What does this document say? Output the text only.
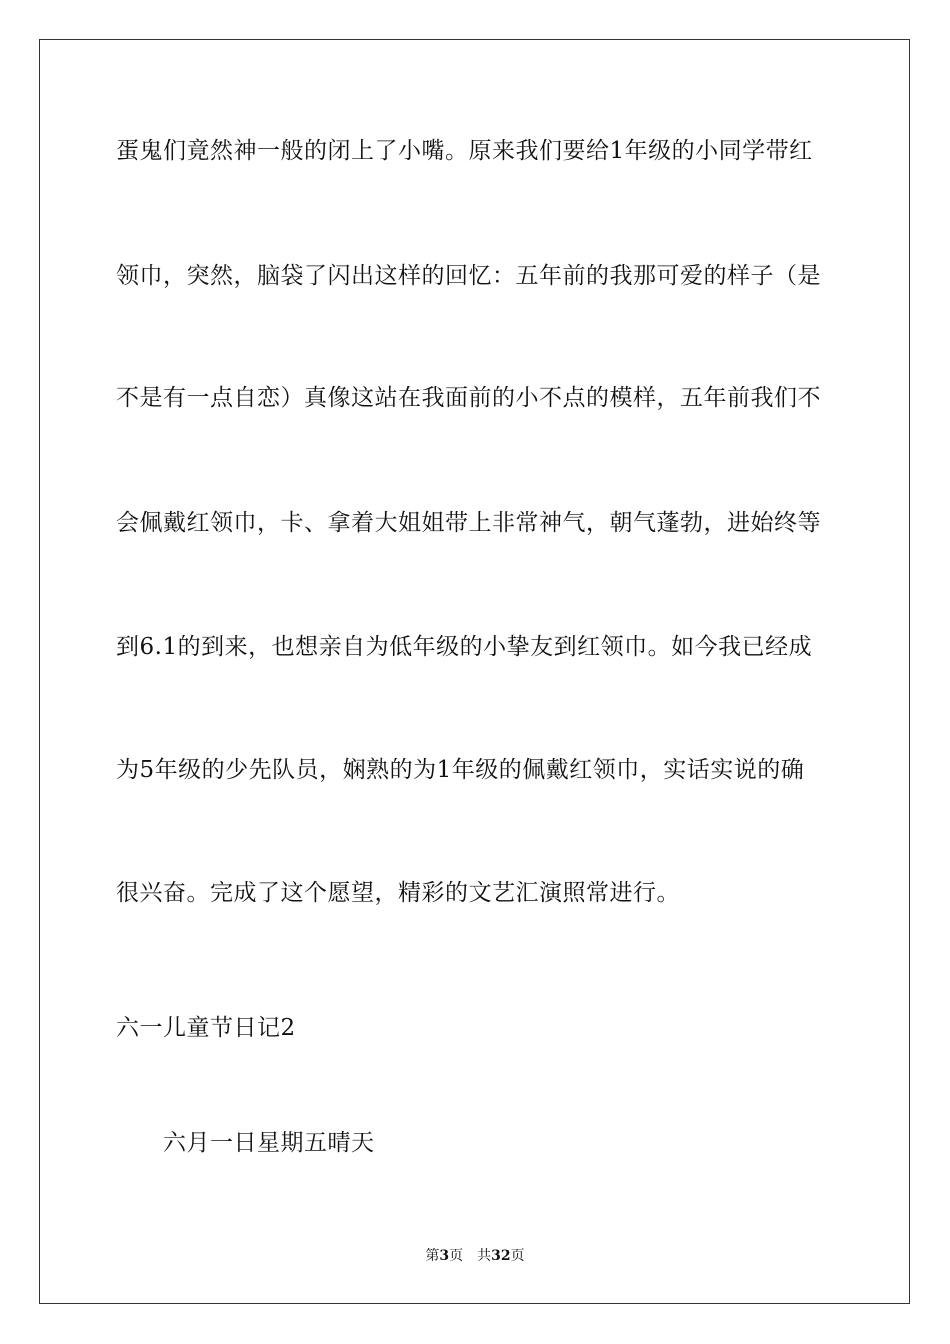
蛋鬼们竟然神一般的闭上了小嘴。原来我们要给1年级的小同学带红
领巾，突然，脑袋了闪出这样的回忆：五年前的我那可爱的样子（是
不是有一点自恋）真像这站在我面前的小不点的模样，五年前我们不
会佩戴红领巾，卡、拿着大姐姐带上非常神气，朝气蓬勃，进始终等
到6.1的到来，也想亲自为低年级的小挚友到红领巾。如今我已经成
为5年级的少先队员，娴熟的为1年级的佩戴红领巾，实话实说的确
很兴奋。完成了这个愿望，精彩的文艺汇演照常进行。
六一儿童节日记2
六月一日星期五晴天
第3页 共32页
